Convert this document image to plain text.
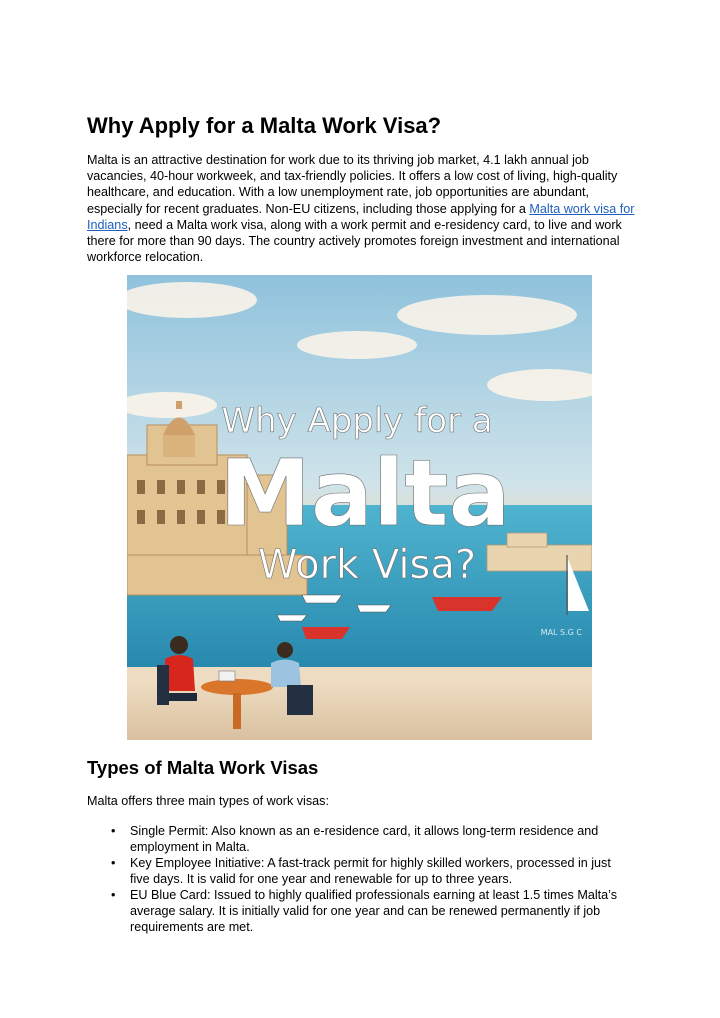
Why Apply for a Malta Work Visa?

Malta is an attractive destination for work due to its thriving job market, 4.1 lakh annual job vacancies, 40-hour workweek, and tax-friendly policies. It offers a low cost of living, high-quality healthcare, and education. With a low unemployment rate, job opportunities are abundant, especially for recent graduates. Non-EU citizens, including those applying for a Malta work visa for Indians, need a Malta work visa, along with a work permit and e-residency card, to live and work there for more than 90 days. The country actively promotes foreign investment and international workforce relocation.

Why Apply for a
Malta
Work Visa?
MAL S.G C
Types of Malta Work Visas

Malta offers three main types of work visas:

• Single Permit: Also known as an e-residence card, it allows long-term residence and employment in Malta.
• Key Employee Initiative: A fast-track permit for highly skilled workers, processed in just five days. It is valid for one year and renewable for up to three years.
• EU Blue Card: Issued to highly qualified professionals earning at least 1.5 times Malta’s average salary. It is initially valid for one year and can be renewed permanently if job requirements are met.
